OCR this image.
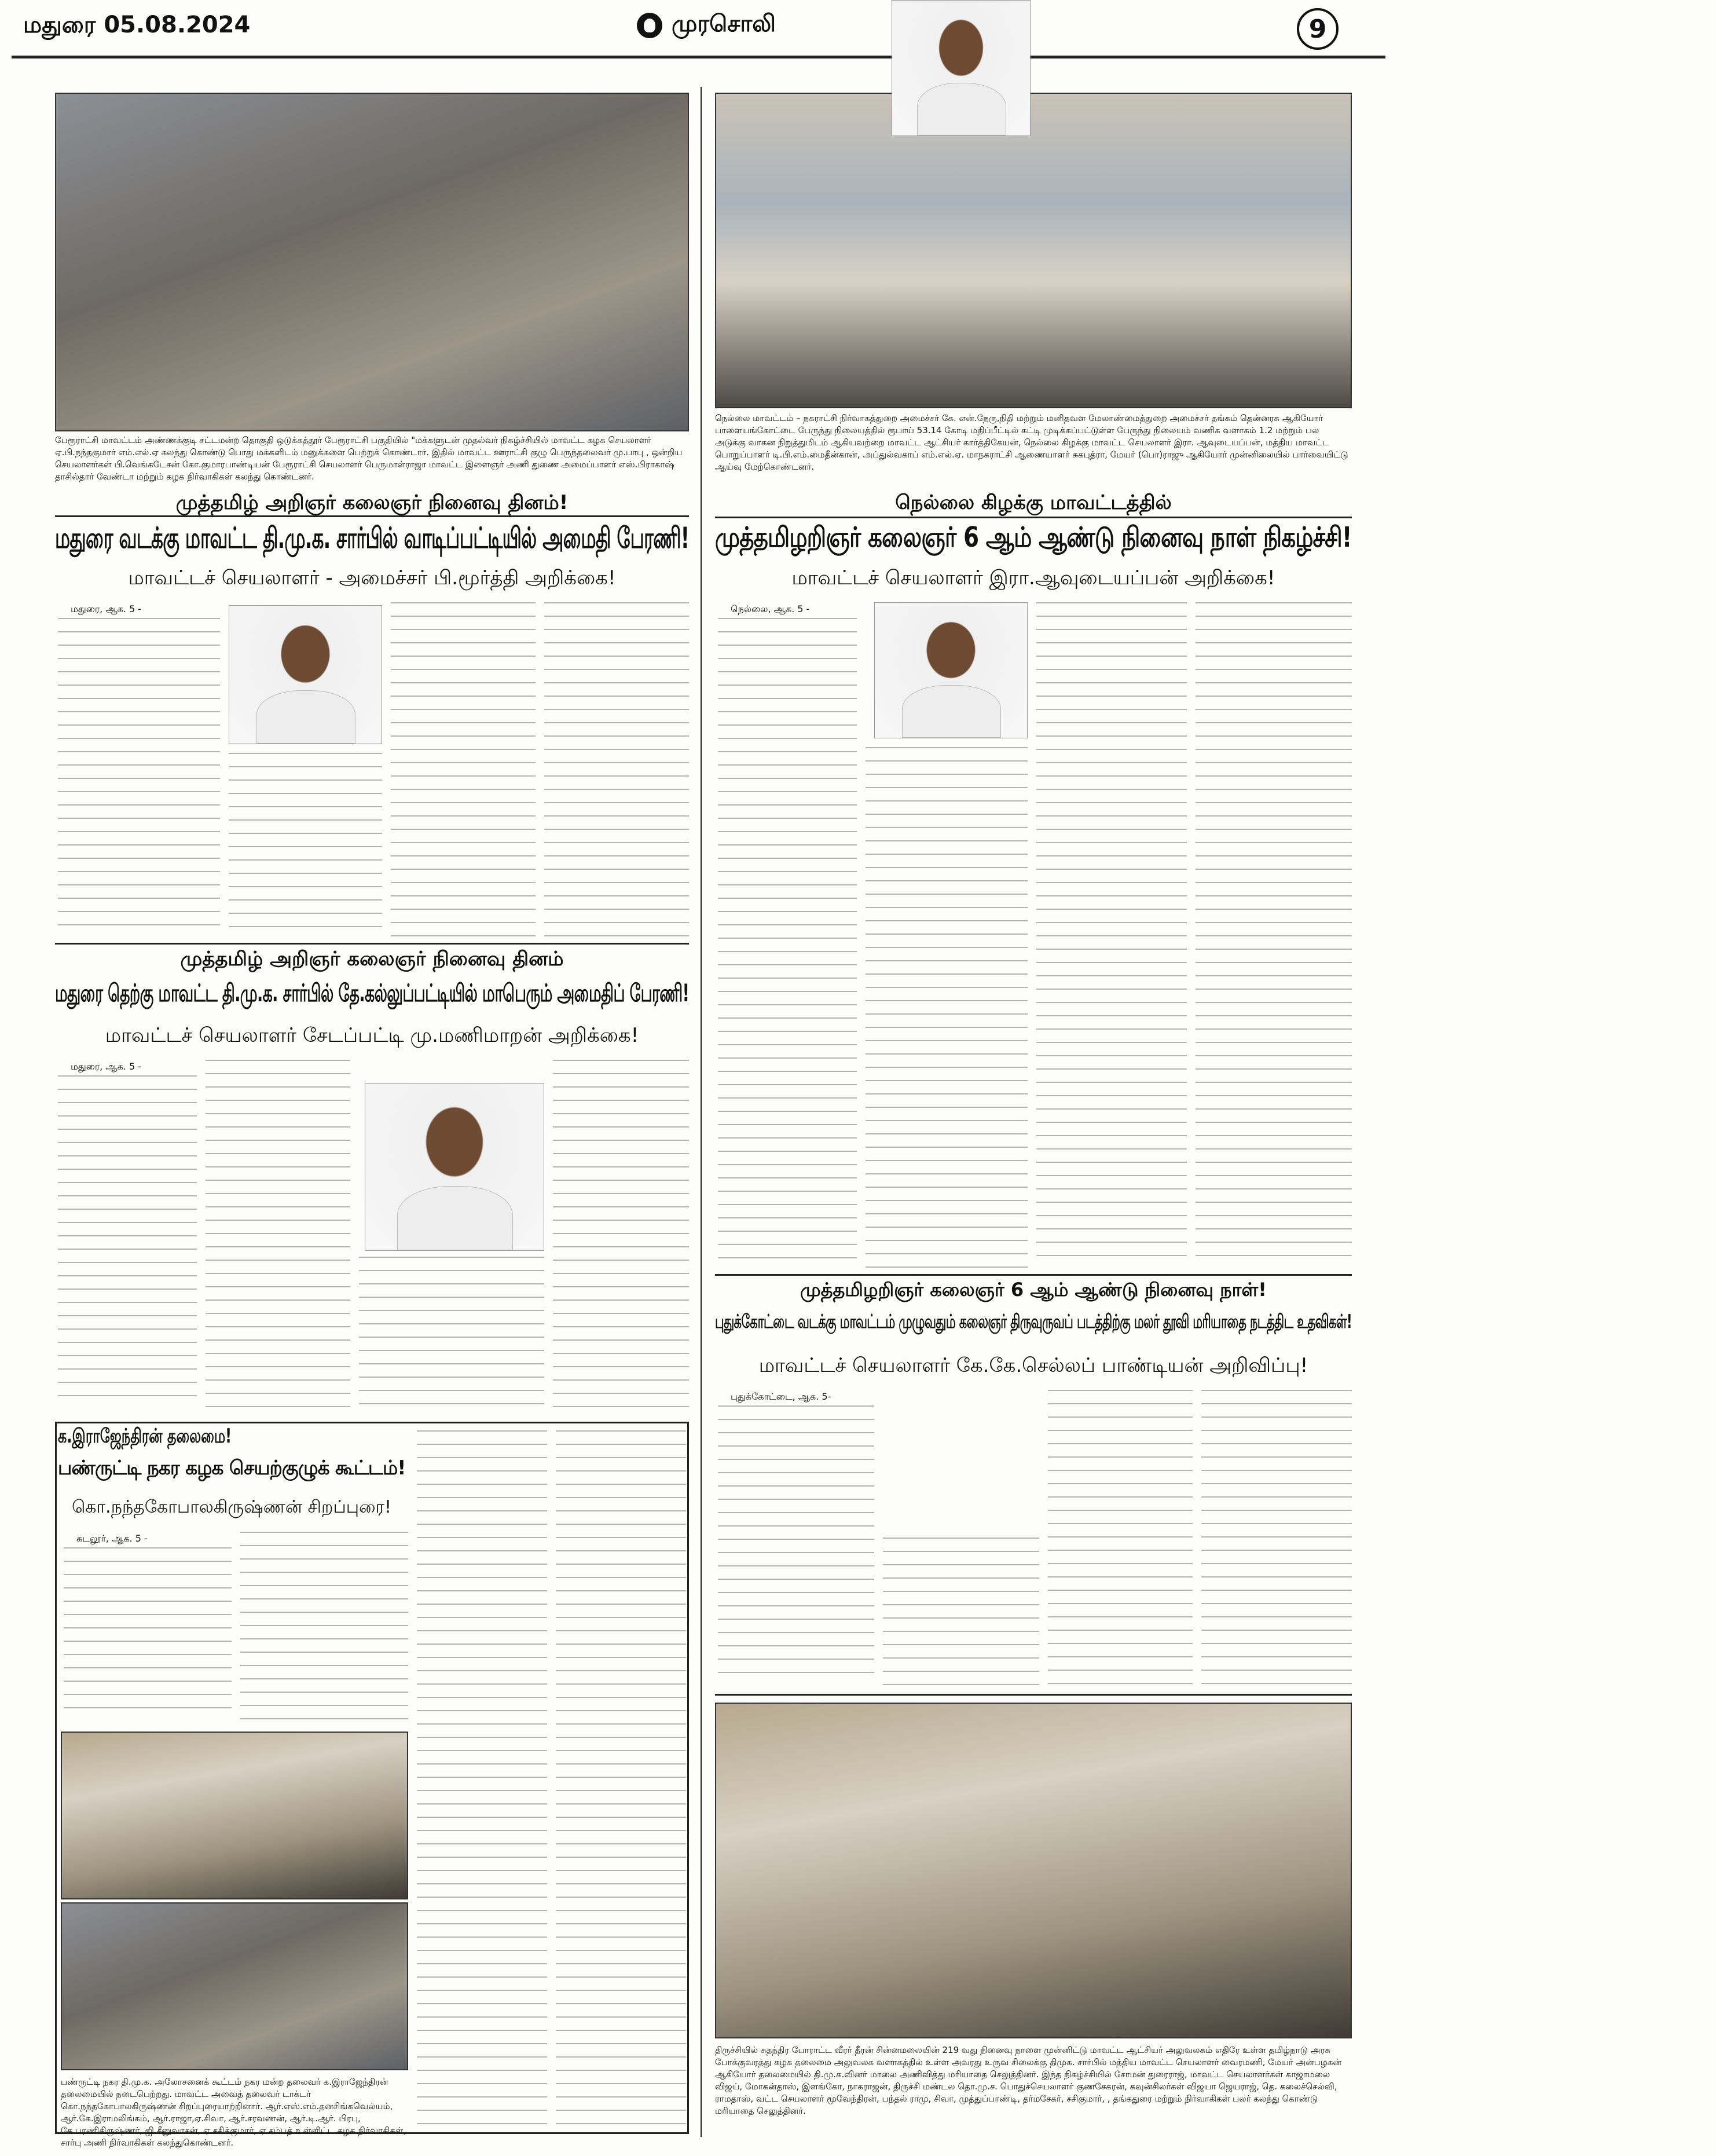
மதுரை 05.08.2024	முரசொலி	9
பேரூராட்சி மாவட்டம் அண்ணக்குடி சட்டமன்ற தொகுதி ஒடுக்கத்தூர் பேரூராட்சி பகுதியில் "மக்களுடன் முதல்வர் நிகழ்ச்சியில் மாவட்ட கழக செயலாளர் ஏ.பி.நந்தகுமார் எம்.எல்.ஏ கலந்து கொண்டு பொது மக்களிடம் மனுக்களை பெற்றுக் கொண்டார். இதில் மாவட்ட ஊராட்சி குழு பெருந்தலைவர் மு.பாபு , ஒன்றிய செயலாளர்கள் பி.வெங்கடேசன் கோ.குமாரபாண்டியன் பேரூராட்சி செயலாளர் பெருமாள்ராஜா மாவட்ட இளைஞர் அணி துணை அமைப்பாளர் எஸ்.பிராகாஷ் தாசில்தார் வேண்டா மற்றும் கழக நிர்வாகிகள் கலந்து கொண்டனர்.
நெல்லை மாவட்டம் – நகராட்சி நிர்வாகத்துறை அமைச்சர் கே. என்.நேரு,நிதி மற்றும் மனிதவள மேலாண்மைத்துறை அமைச்சர் தங்கம் தென்னரசு ஆகியோர் பாளையங்கோட்டை பேருந்து நிலையத்தில் ரூபாய் 53.14 கோடி மதிப்பீட்டில் கட்டி முடிக்கப்பட்டுள்ள பேருந்து நிலையம் வணிக வளாகம் 1.2 மற்றும் பல அடுக்கு வாகன நிறுத்துமிடம் ஆகியவற்றை மாவட்ட ஆட்சியர் கார்த்திகேயன், நெல்லை கிழக்கு மாவட்ட செயலாளர் இரா. ஆவுடையப்பன், மத்திய மாவட்ட பொறுப்பாளர் டி.பி.எம்.மைதீன்கான், அப்துல்வகாப் எம்.எல்.ஏ. மாநகராட்சி ஆணையாளர் சுகபுத்ரா, மேயர் (பொ)ராஜு ஆகியோர் முன்னிலையில் பார்வையிட்டு ஆய்வு மேற்கொண்டனர்.
முத்தமிழ் அறிஞர் கலைஞர் நினைவு தினம்!
மதுரை வடக்கு மாவட்ட தி.மு.க. சார்பில் வாடிப்பட்டியில் அமைதி பேரணி!
மாவட்டச் செயலாளர் - அமைச்சர் பி.மூர்த்தி அறிக்கை!

மதுரை, ஆக. 5 -

முத்தமிழ் அறிஞர் கலைஞர் நினைவு தினம்
மதுரை தெற்கு மாவட்ட தி.மு.க. சார்பில் தே.கல்லுப்பட்டியில் மாபெரும் அமைதிப் பேரணி!
மாவட்டச் செயலாளர் சேடப்பட்டி மு.மணிமாறன் அறிக்கை!

மதுரை, ஆக. 5 -

க.இராஜேந்திரன் தலைமை!
பண்ருட்டி நகர கழக செயற்குழுக் கூட்டம்!
கொ.நந்தகோபாலகிருஷ்ணன் சிறப்புரை!

கடலூர், ஆக. 5 -

பண்ருட்டி நகர தி.மு.க. அலோசனைக் கூட்டம் நகர மன்ற தலைவர் க.இராஜேந்திரன் தலைமையில் நடைபெற்றது. மாவட்ட அவைத் தலைவர் டாக்டர் கொ.நந்தகோபாலகிருஷ்ணன் சிறப்புரையாற்றினார். ஆர்.எஸ்.எம்.தனசிங்கவெல்யம், ஆர்.கே.இராமலிங்கம், ஆர்.ராஜா,ஏ.சிவா, ஆர்.சரவணன், ஆர்.டி.ஆர். பிரபு, கே.பரணிகிருஷ்ணர், ஜி.சீனுவாசன், ஏ.சசிக்குமார், ஏ.சம்பத் உள்ளிட்ட கழக நிர்வாகிகள், சார்பு அணி நிர்வாகிகள் கலந்துகொண்டனர்.
நெல்லை கிழக்கு மாவட்டத்தில்
முத்தமிழறிஞர் கலைஞர் 6 ஆம் ஆண்டு நினைவு நாள் நிகழ்ச்சி!
மாவட்டச் செயலாளர் இரா.ஆவுடையப்பன் அறிக்கை!

நெல்லை, ஆக. 5 -

முத்தமிழறிஞர் கலைஞர் 6 ஆம் ஆண்டு நினைவு நாள்!
புதுக்கோட்டை வடக்கு மாவட்டம் முழுவதும் கலைஞர் திருவுருவப் படத்திற்கு மலர் தூவி மரியாதை நடத்திட உதவிகள்!
மாவட்டச் செயலாளர் கே.கே.செல்லப் பாண்டியன் அறிவிப்பு!

புதுக்கோட்டை, ஆக. 5-

திருச்சியில் சுதந்திர போராட்ட வீரர் தீரன் சின்னமலையின் 219 வது நினைவு நாளை முன்னிட்டு மாவட்ட ஆட்சியர் அலுவலகம் எதிரே உள்ள தமிழ்நாடு அரசு போக்குவரத்து கழக தலைமை அலுவலக வளாகத்தில் உள்ள அவரது உருவ சிலைக்கு திமுக. சார்பில் மத்திய மாவட்ட செயலாளர் வைரமணி, மேயர் அன்பழகன் ஆகியோர் தலைமையில் தி.மு.க.வினர் மாலை அணிவித்து மரியாதை செலுத்தினர். இந்த நிகழ்ச்சியில் சோமன் துரைராஜ், மாவட்ட செயலாளர்கள் காஜாமலை விஜய், மோகன்தாஸ், இளங்கோ, நாகராஜன், திருச்சி மண்டல தொ.மு.ச. பொதுச்செயலாளர் குணசேகரன், கவுன்சிலர்கள் விஜயா ஜெயராஜ், தெ. கலைச்செல்வி, ராமதாஸ், வட்ட செயலாளர் மூவேந்திரன், பந்தல் ராமு, சிவா, முத்துப்பாண்டி, தர்மசேகர், சசிகுமார், , தங்கதுரை மற்றும் நிர்வாகிகள் பலர் கலந்து கொண்டு மரியாதை செலுத்தினர்.
